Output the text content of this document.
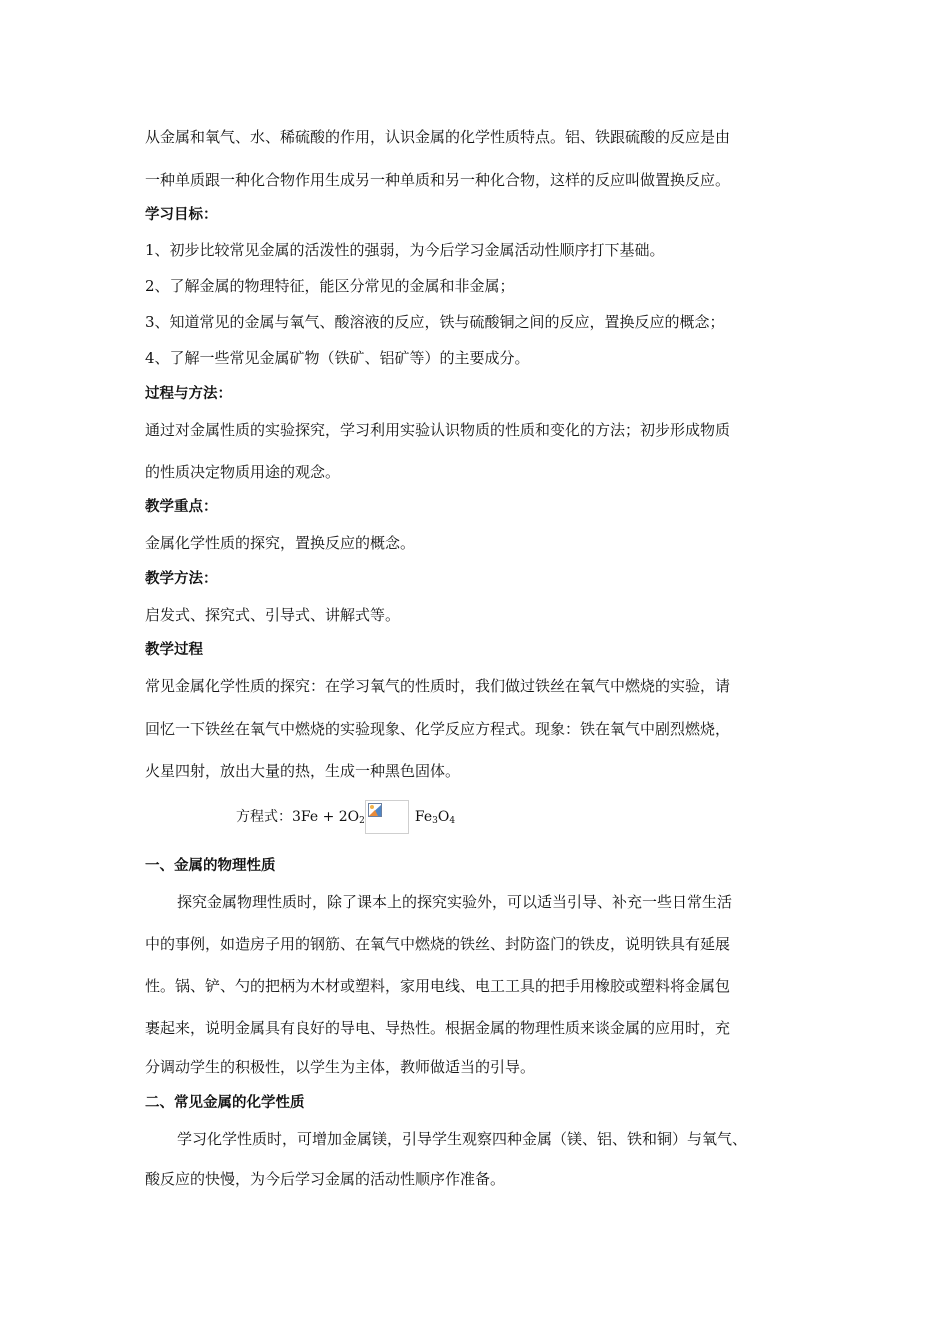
从金属和氧气、水、稀硫酸的作用，认识金属的化学性质特点。铝、铁跟硫酸的反应是由
一种单质跟一种化合物作用生成另一种单质和另一种化合物，这样的反应叫做置换反应。
学习目标：
1、初步比较常见金属的活泼性的强弱，为今后学习金属活动性顺序打下基础。
2、了解金属的物理特征，能区分常见的金属和非金属；
3、知道常见的金属与氧气、酸溶液的反应，铁与硫酸铜之间的反应，置换反应的概念；
4、了解一些常见金属矿物（铁矿、铝矿等）的主要成分。
过程与方法：
通过对金属性质的实验探究，学习利用实验认识物质的性质和变化的方法；初步形成物质
的性质决定物质用途的观念。
教学重点：
金属化学性质的探究，置换反应的概念。
教学方法：
启发式、探究式、引导式、讲解式等。
教学过程
常见金属化学性质的探究：在学习氧气的性质时，我们做过铁丝在氧气中燃烧的实验，请
回忆一下铁丝在氧气中燃烧的实验现象、化学反应方程式。现象：铁在氧气中剧烈燃烧，
火星四射，放出大量的热，生成一种黑色固体。
方程式：$3Fe + 2O_2$	$Fe_3O_4$
一、金属的物理性质
探究金属物理性质时，除了课本上的探究实验外，可以适当引导、补充一些日常生活
中的事例，如造房子用的钢筋、在氧气中燃烧的铁丝、封防盗门的铁皮，说明铁具有延展
性。锅、铲、勺的把柄为木材或塑料，家用电线、电工工具的把手用橡胶或塑料将金属包
裹起来，说明金属具有良好的导电、导热性。根据金属的物理性质来谈金属的应用时，充
分调动学生的积极性，以学生为主体，教师做适当的引导。
二、常见金属的化学性质
学习化学性质时，可增加金属镁，引导学生观察四种金属（镁、铝、铁和铜）与氧气、
酸反应的快慢，为今后学习金属的活动性顺序作准备。
